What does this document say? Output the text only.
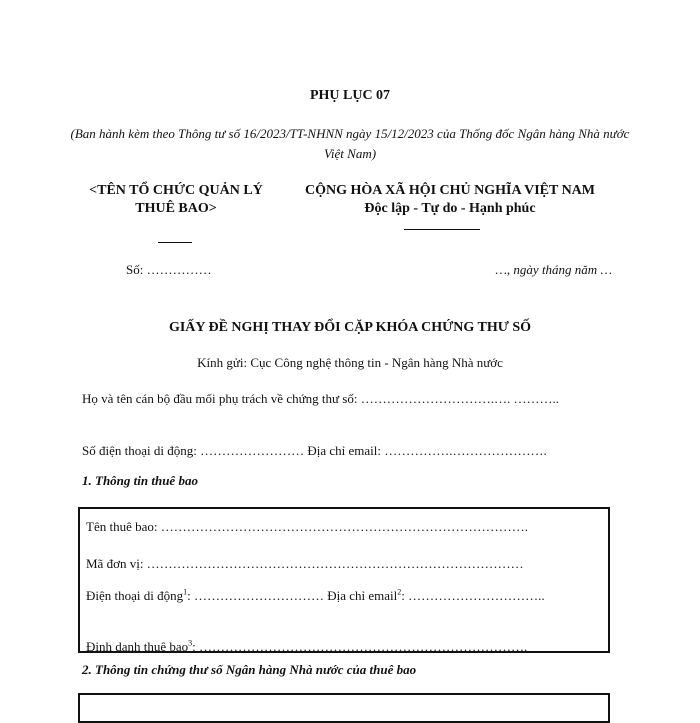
PHỤ LỤC 07
(Ban hành kèm theo Thông tư số 16/2023/TT-NHNN ngày 15/12/2023 của Thống đốc Ngân hàng Nhà nước Việt Nam)
<TÊN TỔ CHỨC QUẢN LÝ
THUÊ BAO>
CỘNG HÒA XÃ HỘI CHỦ NGHĨA VIỆT NAM
Độc lập - Tự do - Hạnh phúc
Số: ……………	…, ngày tháng năm …
GIẤY ĐỀ NGHỊ THAY ĐỔI CẶP KHÓA CHỨNG THƯ SỐ
Kính gửi: Cục Công nghệ thông tin - Ngân hàng Nhà nước
Họ và tên cán bộ đầu mối phụ trách về chứng thư số: ………………………….…. ………..
Số điện thoại di động: …………………… Địa chỉ email: …………….………………….
1. Thông tin thuê bao
Tên thuê bao: ………………………………………………………………………….
Mã đơn vị: ……………………………………………………………………………
Điện thoại di động$^1$: ………………………… Địa chỉ email$^2$: …………………………..
Định danh thuê bao$^3$: ………………………………………………………………….
2. Thông tin chứng thư số Ngân hàng Nhà nước của thuê bao
